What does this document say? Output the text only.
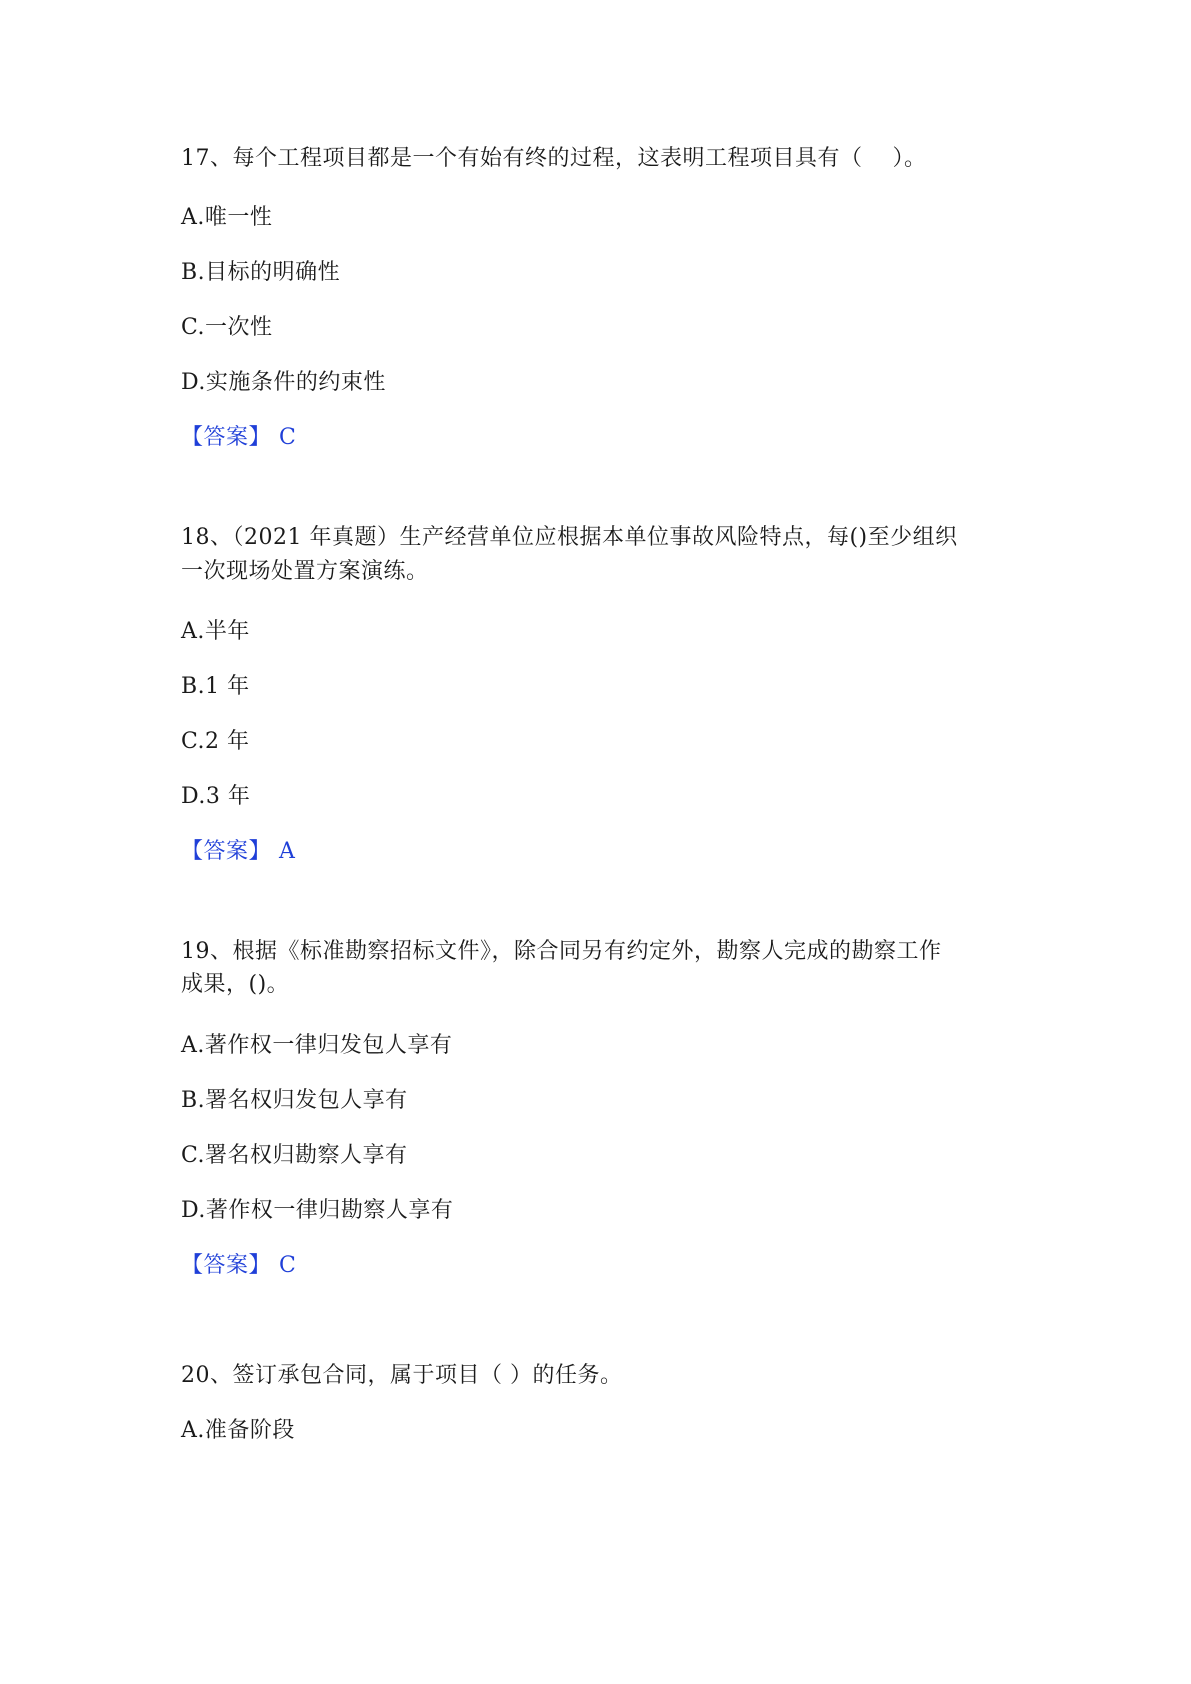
17、每个工程项目都是一个有始有终的过程，这表明工程项目具有（　 ）。
A.唯一性
B.目标的明确性
C.一次性
D.实施条件的约束性
【答案】 C
18、（2021 年真题）生产经营单位应根据本单位事故风险特点，每()至少组织
一次现场处置方案演练。
A.半年
B.1 年
C.2 年
D.3 年
【答案】 A
19、根据《标准勘察招标文件》，除合同另有约定外，勘察人完成的勘察工作
成果，()。
A.著作权一律归发包人享有
B.署名权归发包人享有
C.署名权归勘察人享有
D.著作权一律归勘察人享有
【答案】 C
20、签订承包合同，属于项目（ ）的任务。
A.准备阶段
